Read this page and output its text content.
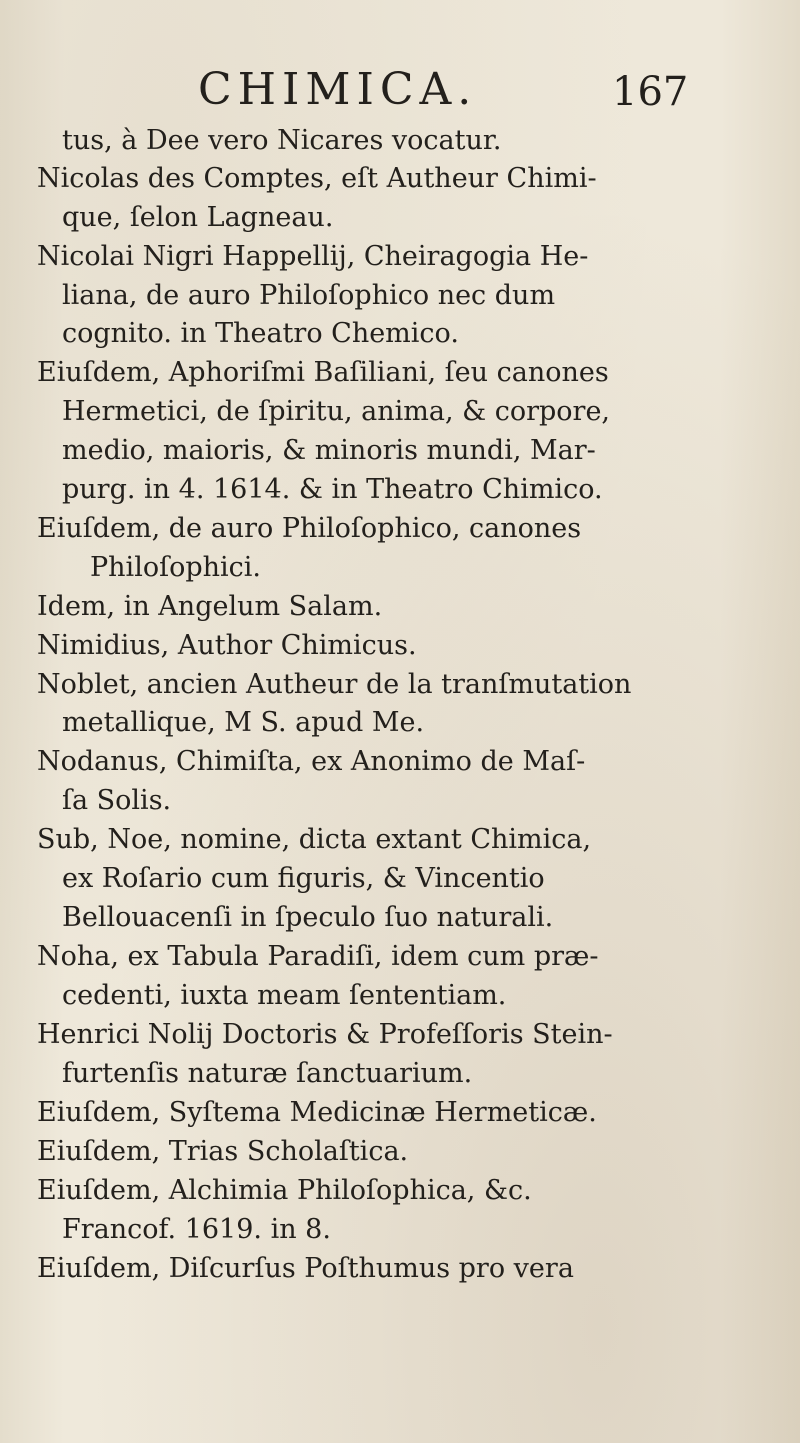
CHIMICA.	167
tus, à Dee vero Nicares vocatur.
Nicolas des Comptes, eſt Autheur Chimi-
que, ſelon Lagneau.
Nicolai Nigri Happellij, Cheiragogia He-
liana, de auro Philoſophico nec dum
cognito. in Theatro Chemico.
Eiuſdem, Aphoriſmi Baſiliani, ſeu canones
Hermetici, de ſpiritu, anima, & corpore,
medio, maioris, & minoris mundi, Mar-
purg. in 4. 1614. & in Theatro Chimico.
Eiuſdem, de auro Philoſophico, canones
Philoſophici.
Idem, in Angelum Salam.
Nimidius, Author Chimicus.
Noblet, ancien Autheur de la tranſmutation
metallique, M S. apud Me.
Nodanus, Chimiſta, ex Anonimo de Maſ-
ſa Solis.
Sub, Noe, nomine, dicta extant Chimica,
ex Roſario cum figuris, & Vincentio
Bellouacenſi in ſpeculo ſuo naturali.
Noha, ex Tabula Paradiſi, idem cum præ-
cedenti, iuxta meam ſententiam.
Henrici Nolij Doctoris & Profeſſoris Stein-
furtenſis naturæ ſanctuarium.
Eiuſdem, Syſtema Medicinæ Hermeticæ.
Eiuſdem, Trias Scholaſtica.
Eiuſdem, Alchimia Philoſophica, &c.
Francof. 1619. in 8.
Eiuſdem, Diſcurſus Poſthumus pro vera
